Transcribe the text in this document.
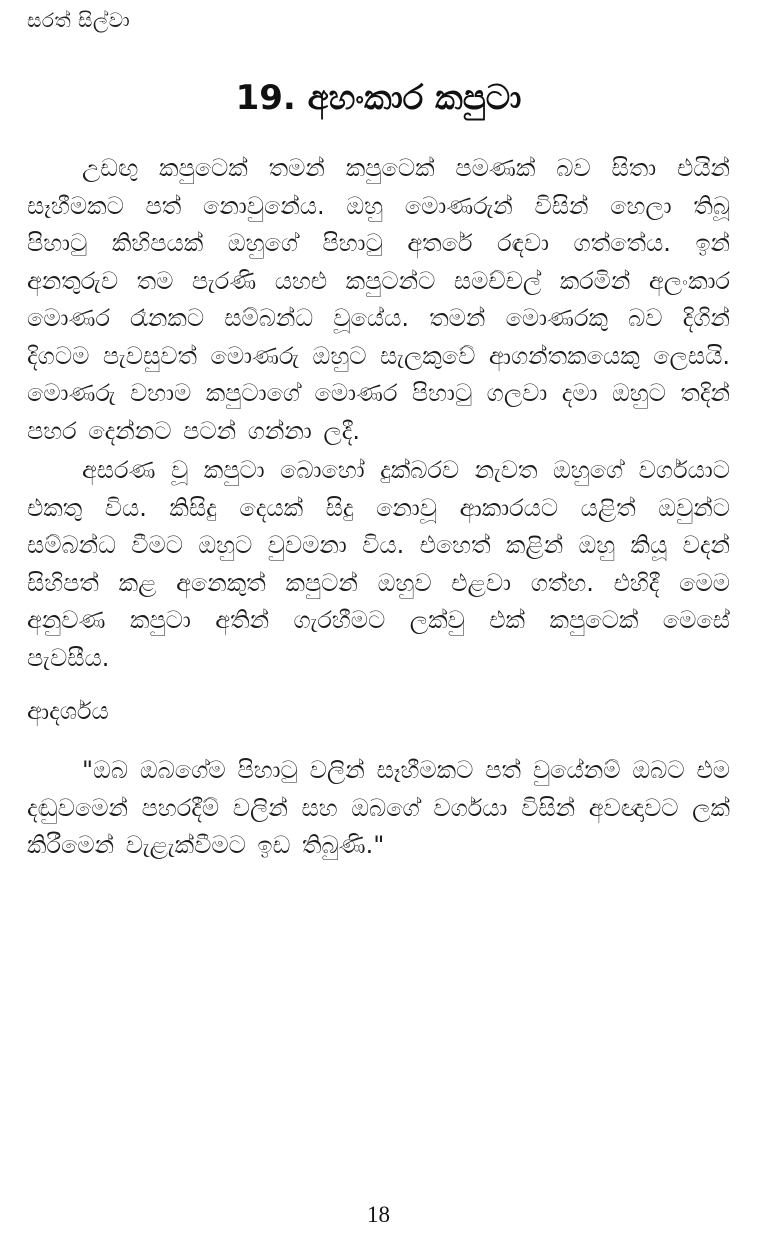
සරත් සිල්වා
19. අහංකාර කපුටා

උඩඟු කපුටෙක් තමන් කපුටෙක් පමණක් බව සිතා එයින් සෑහීමකට පත් නොවුනේය. ඔහු මොණරුන් විසින් හෙලා තිබූ පිහාටු කිහිපයක් ඔහුගේ පිහාටු අතරේ රඳවා ගත්තේය. ඉන් අනතුරුව තම පැරණි යහළු කපුටන්ට සමච්චල් කරමින් අලංකාර මොණර රෑනකට සම්බන්ධ වූයේය. තමන් මොණරකු බව දිගින් දිගටම පැවසුවත් මොණරු ඔහුට සැලකුවේ ආගන්තකයෙකු ලෙසයි. මොණරු වහාම කපුටාගේ මොණර පිහාටු ගලවා දමා ඔහුට තදින් පහර දෙන්නට පටන් ගන්නා ලදී.

අසරණ වූ කපුටා බොහෝ දුක්බරව නැවත ඔහුගේ වර්ගයාට එකතු විය. කිසිදු දෙයක් සිදු නොවූ ආකාරයට යළිත් ඔවුන්ට සම්බන්ධ වීමට ඔහුට වුවමනා විය. එහෙත් කළින් ඔහු කියූ වදන් සිහිපත් කළ අනෙකුත් කපුටන් ඔහුව එළවා ගත්හ. එහිදී මෙම අනුවණ කපුටා අතින් ගැරහීමට ලක්වු එක් කපුටෙක් මෙසේ පැවසීය.

ආදර්ශය

"ඔබ ඔබගේම පිහාටු වලින් සෑහීමකට පත් වුයේනම් ඔබට එම දඬුවමෙන් පහරදීම් වලින් සහ ඔබගේ වර්ගයා විසින් අවඥාවට ලක් කිරීමෙන් වැළැක්වීමට ඉඩ තිබුණි."

18
